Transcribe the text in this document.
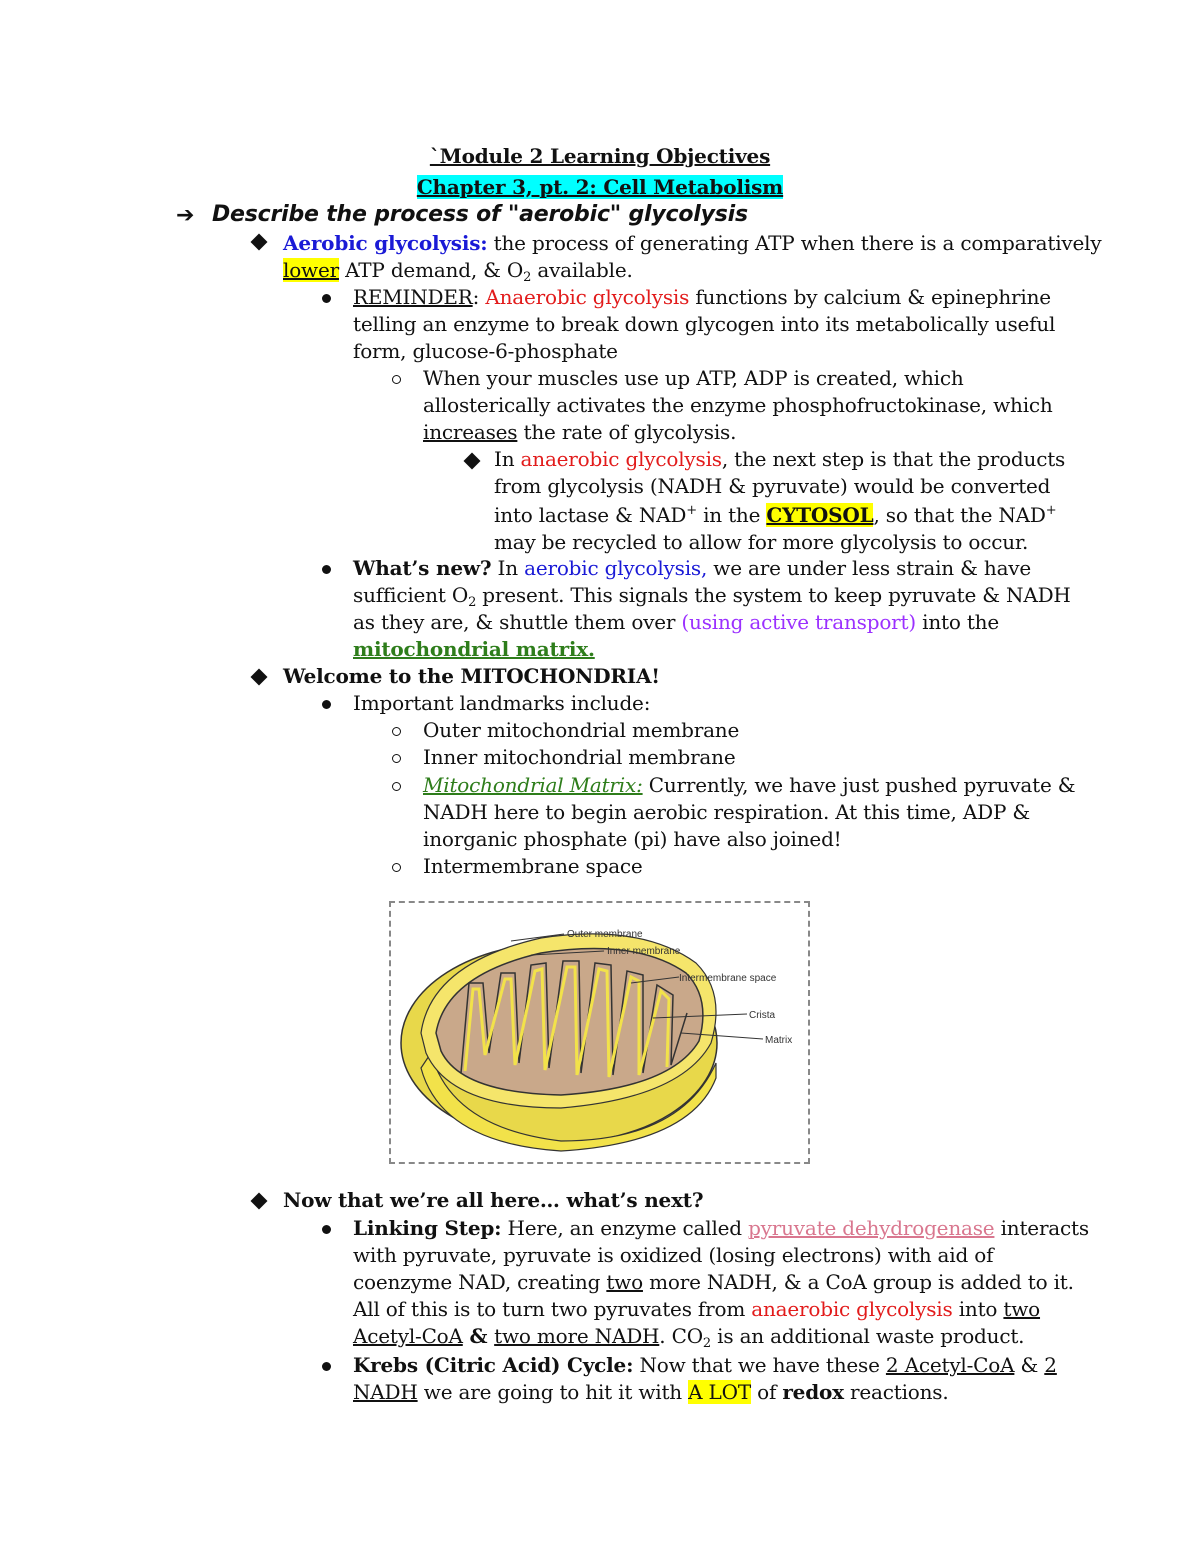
`Module 2 Learning Objectives
Chapter 3, pt. 2: Cell Metabolism
➔ Describe the process of "aerobic" glycolysis
Aerobic glycolysis: the process of generating ATP when there is a comparatively
lower ATP demand, & $O_2$ available.
REMINDER: Anaerobic glycolysis functions by calcium & epinephrine
telling an enzyme to break down glycogen into its metabolically useful
form, glucose-6-phosphate
When your muscles use up ATP, ADP is created, which
allosterically activates the enzyme phosphofructokinase, which
increases the rate of glycolysis.
In anaerobic glycolysis, the next step is that the products
from glycolysis (NADH & pyruvate) would be converted
into lactase & NAD+ in the CYTOSOL, so that the NAD+
may be recycled to allow for more glycolysis to occur.
What’s new? In aerobic glycolysis, we are under less strain & have
sufficient $O_2$ present. This signals the system to keep pyruvate & NADH
as they are, & shuttle them over (using active transport) into the
mitochondrial matrix.
Welcome to the MITOCHONDRIA!
Important landmarks include:
Outer mitochondrial membrane
Inner mitochondrial membrane
Mitochondrial Matrix: Currently, we have just pushed pyruvate &
NADH here to begin aerobic respiration. At this time, ADP &
inorganic phosphate (pi) have also joined!
Intermembrane space
Outer membrane
Inner membrane
Intermembrane space
Crista
Matrix
Now that we’re all here… what’s next?
Linking Step: Here, an enzyme called pyruvate dehydrogenase interacts
with pyruvate, pyruvate is oxidized (losing electrons) with aid of
coenzyme NAD, creating two more NADH, & a CoA group is added to it.
All of this is to turn two pyruvates from anaerobic glycolysis into two
Acetyl-CoA & two more NADH. $CO_2$ is an additional waste product.
Krebs (Citric Acid) Cycle: Now that we have these 2 Acetyl-CoA & 2
NADH we are going to hit it with A LOT of redox reactions.
